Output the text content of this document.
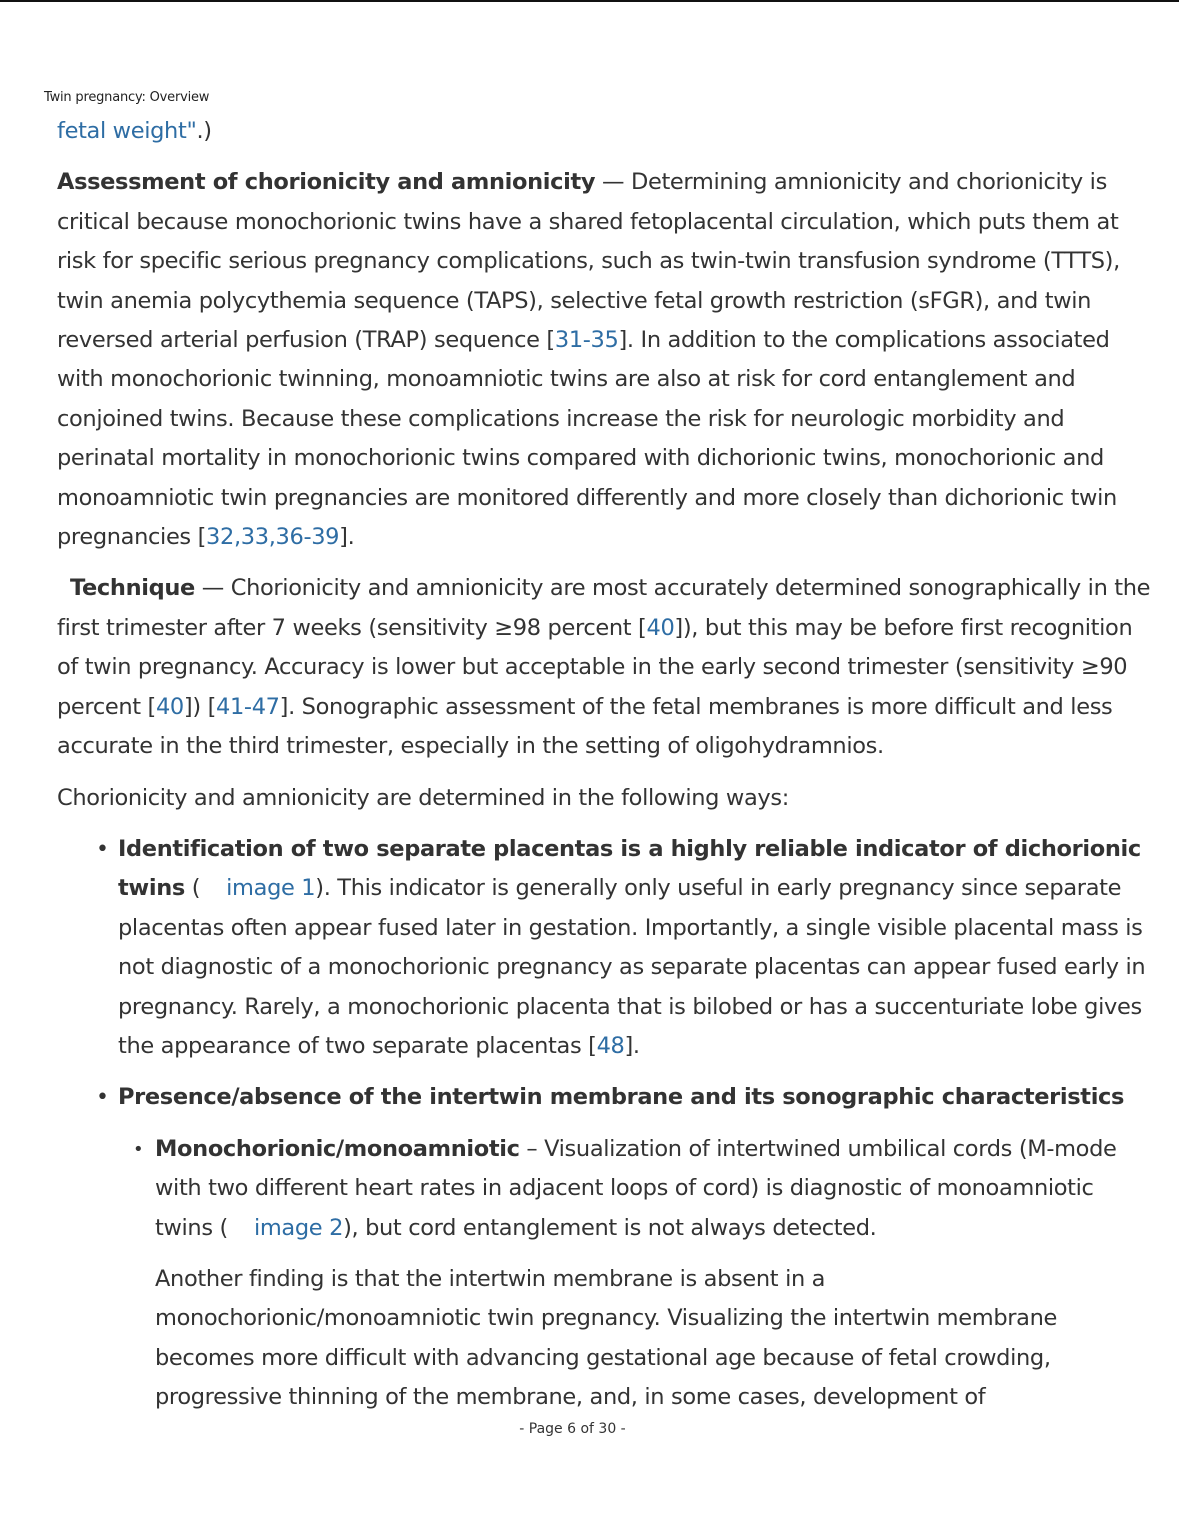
Twin pregnancy: Overview

fetal weight".)

Assessment of chorionicity and amnionicity — Determining amnionicity and chorionicity is critical because monochorionic twins have a shared fetoplacental circulation, which puts them at risk for specific serious pregnancy complications, such as twin-twin transfusion syndrome (TTTS), twin anemia polycythemia sequence (TAPS), selective fetal growth restriction (sFGR), and twin reversed arterial perfusion (TRAP) sequence [31-35]. In addition to the complications associated with monochorionic twinning, monoamniotic twins are also at risk for cord entanglement and conjoined twins. Because these complications increase the risk for neurologic morbidity and perinatal mortality in monochorionic twins compared with dichorionic twins, monochorionic and monoamniotic twin pregnancies are monitored differently and more closely than dichorionic twin pregnancies [32,33,36-39].

Technique — Chorionicity and amnionicity are most accurately determined sonographically in the first trimester after 7 weeks (sensitivity ≥98 percent [40]), but this may be before first recognition of twin pregnancy. Accuracy is lower but acceptable in the early second trimester (sensitivity ≥90 percent [40]) [41-47]. Sonographic assessment of the fetal membranes is more difficult and less accurate in the third trimester, especially in the setting of oligohydramnios.

Chorionicity and amnionicity are determined in the following ways:

• Identification of two separate placentas is a highly reliable indicator of dichorionic twins ( image 1). This indicator is generally only useful in early pregnancy since separate placentas often appear fused later in gestation. Importantly, a single visible placental mass is not diagnostic of a monochorionic pregnancy as separate placentas can appear fused early in pregnancy. Rarely, a monochorionic placenta that is bilobed or has a succenturiate lobe gives the appearance of two separate placentas [48].
• Presence/absence of the intertwin membrane and its sonographic characteristics
• Monochorionic/monoamniotic – Visualization of intertwined umbilical cords (M-mode with two different heart rates in adjacent loops of cord) is diagnostic of monoamniotic twins ( image 2), but cord entanglement is not always detected.

Another finding is that the intertwin membrane is absent in a monochorionic/monoamniotic twin pregnancy. Visualizing the intertwin membrane becomes more difficult with advancing gestational age because of fetal crowding, progressive thinning of the membrane, and, in some cases, development of

- Page 6 of 30 -
